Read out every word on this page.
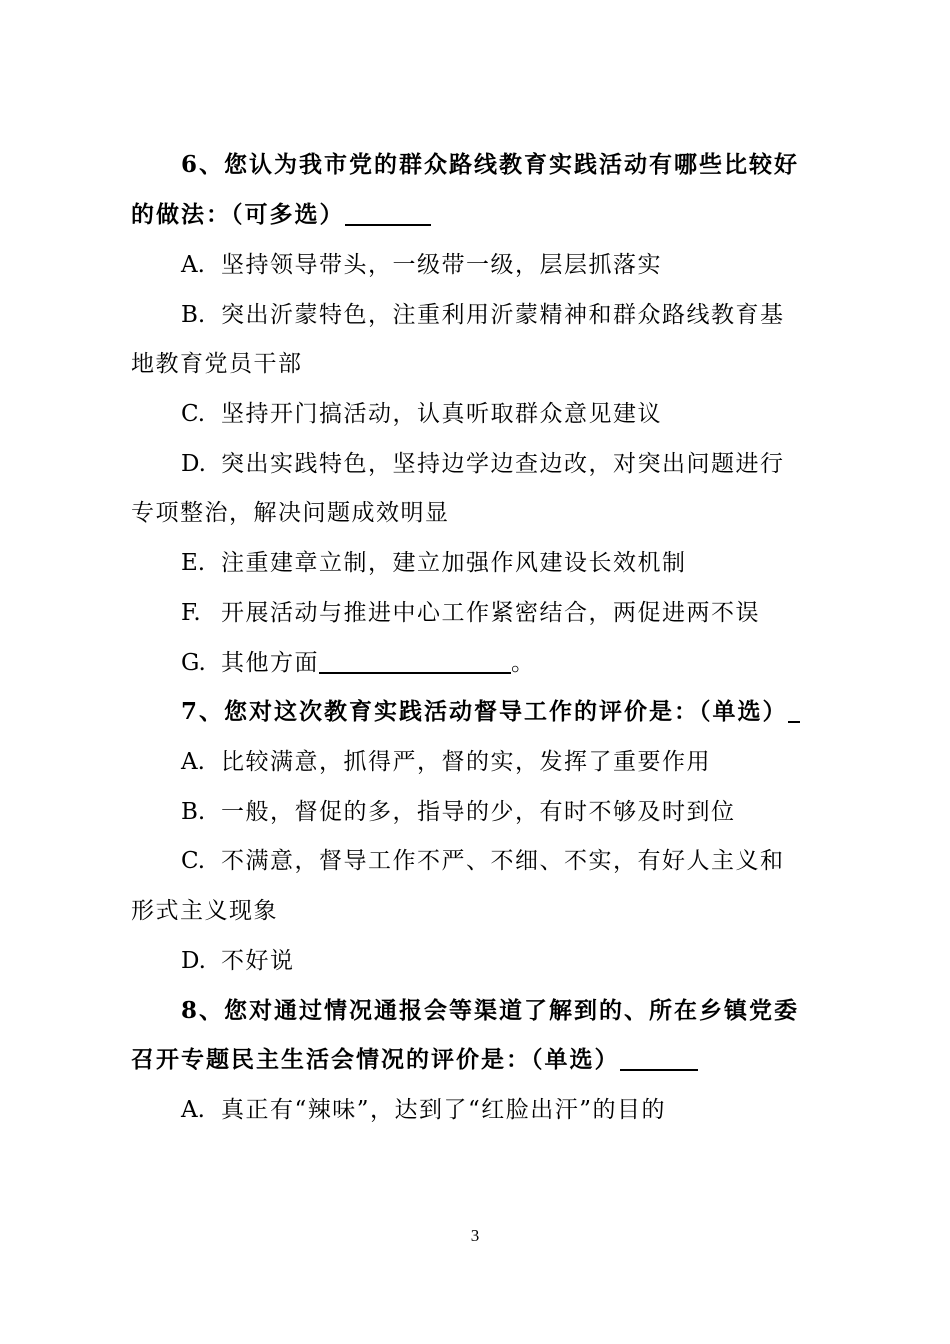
6、您认为我市党的群众路线教育实践活动有哪些比较好
的做法：（可多选）
A. 坚持领导带头，一级带一级，层层抓落实
B. 突出沂蒙特色，注重利用沂蒙精神和群众路线教育基
地教育党员干部
C. 坚持开门搞活动，认真听取群众意见建议
D. 突出实践特色，坚持边学边查边改，对突出问题进行
专项整治，解决问题成效明显
E. 注重建章立制，建立加强作风建设长效机制
F. 开展活动与推进中心工作紧密结合，两促进两不误
G. 其他方面	。
7、您对这次教育实践活动督导工作的评价是：（单选）
A. 比较满意，抓得严，督的实，发挥了重要作用
B. 一般，督促的多，指导的少，有时不够及时到位
C. 不满意，督导工作不严、不细、不实，有好人主义和
形式主义现象
D. 不好说
8、您对通过情况通报会等渠道了解到的、所在乡镇党委
召开专题民主生活会情况的评价是：（单选）
A. 真正有“辣味”，达到了“红脸出汗”的目的
3
